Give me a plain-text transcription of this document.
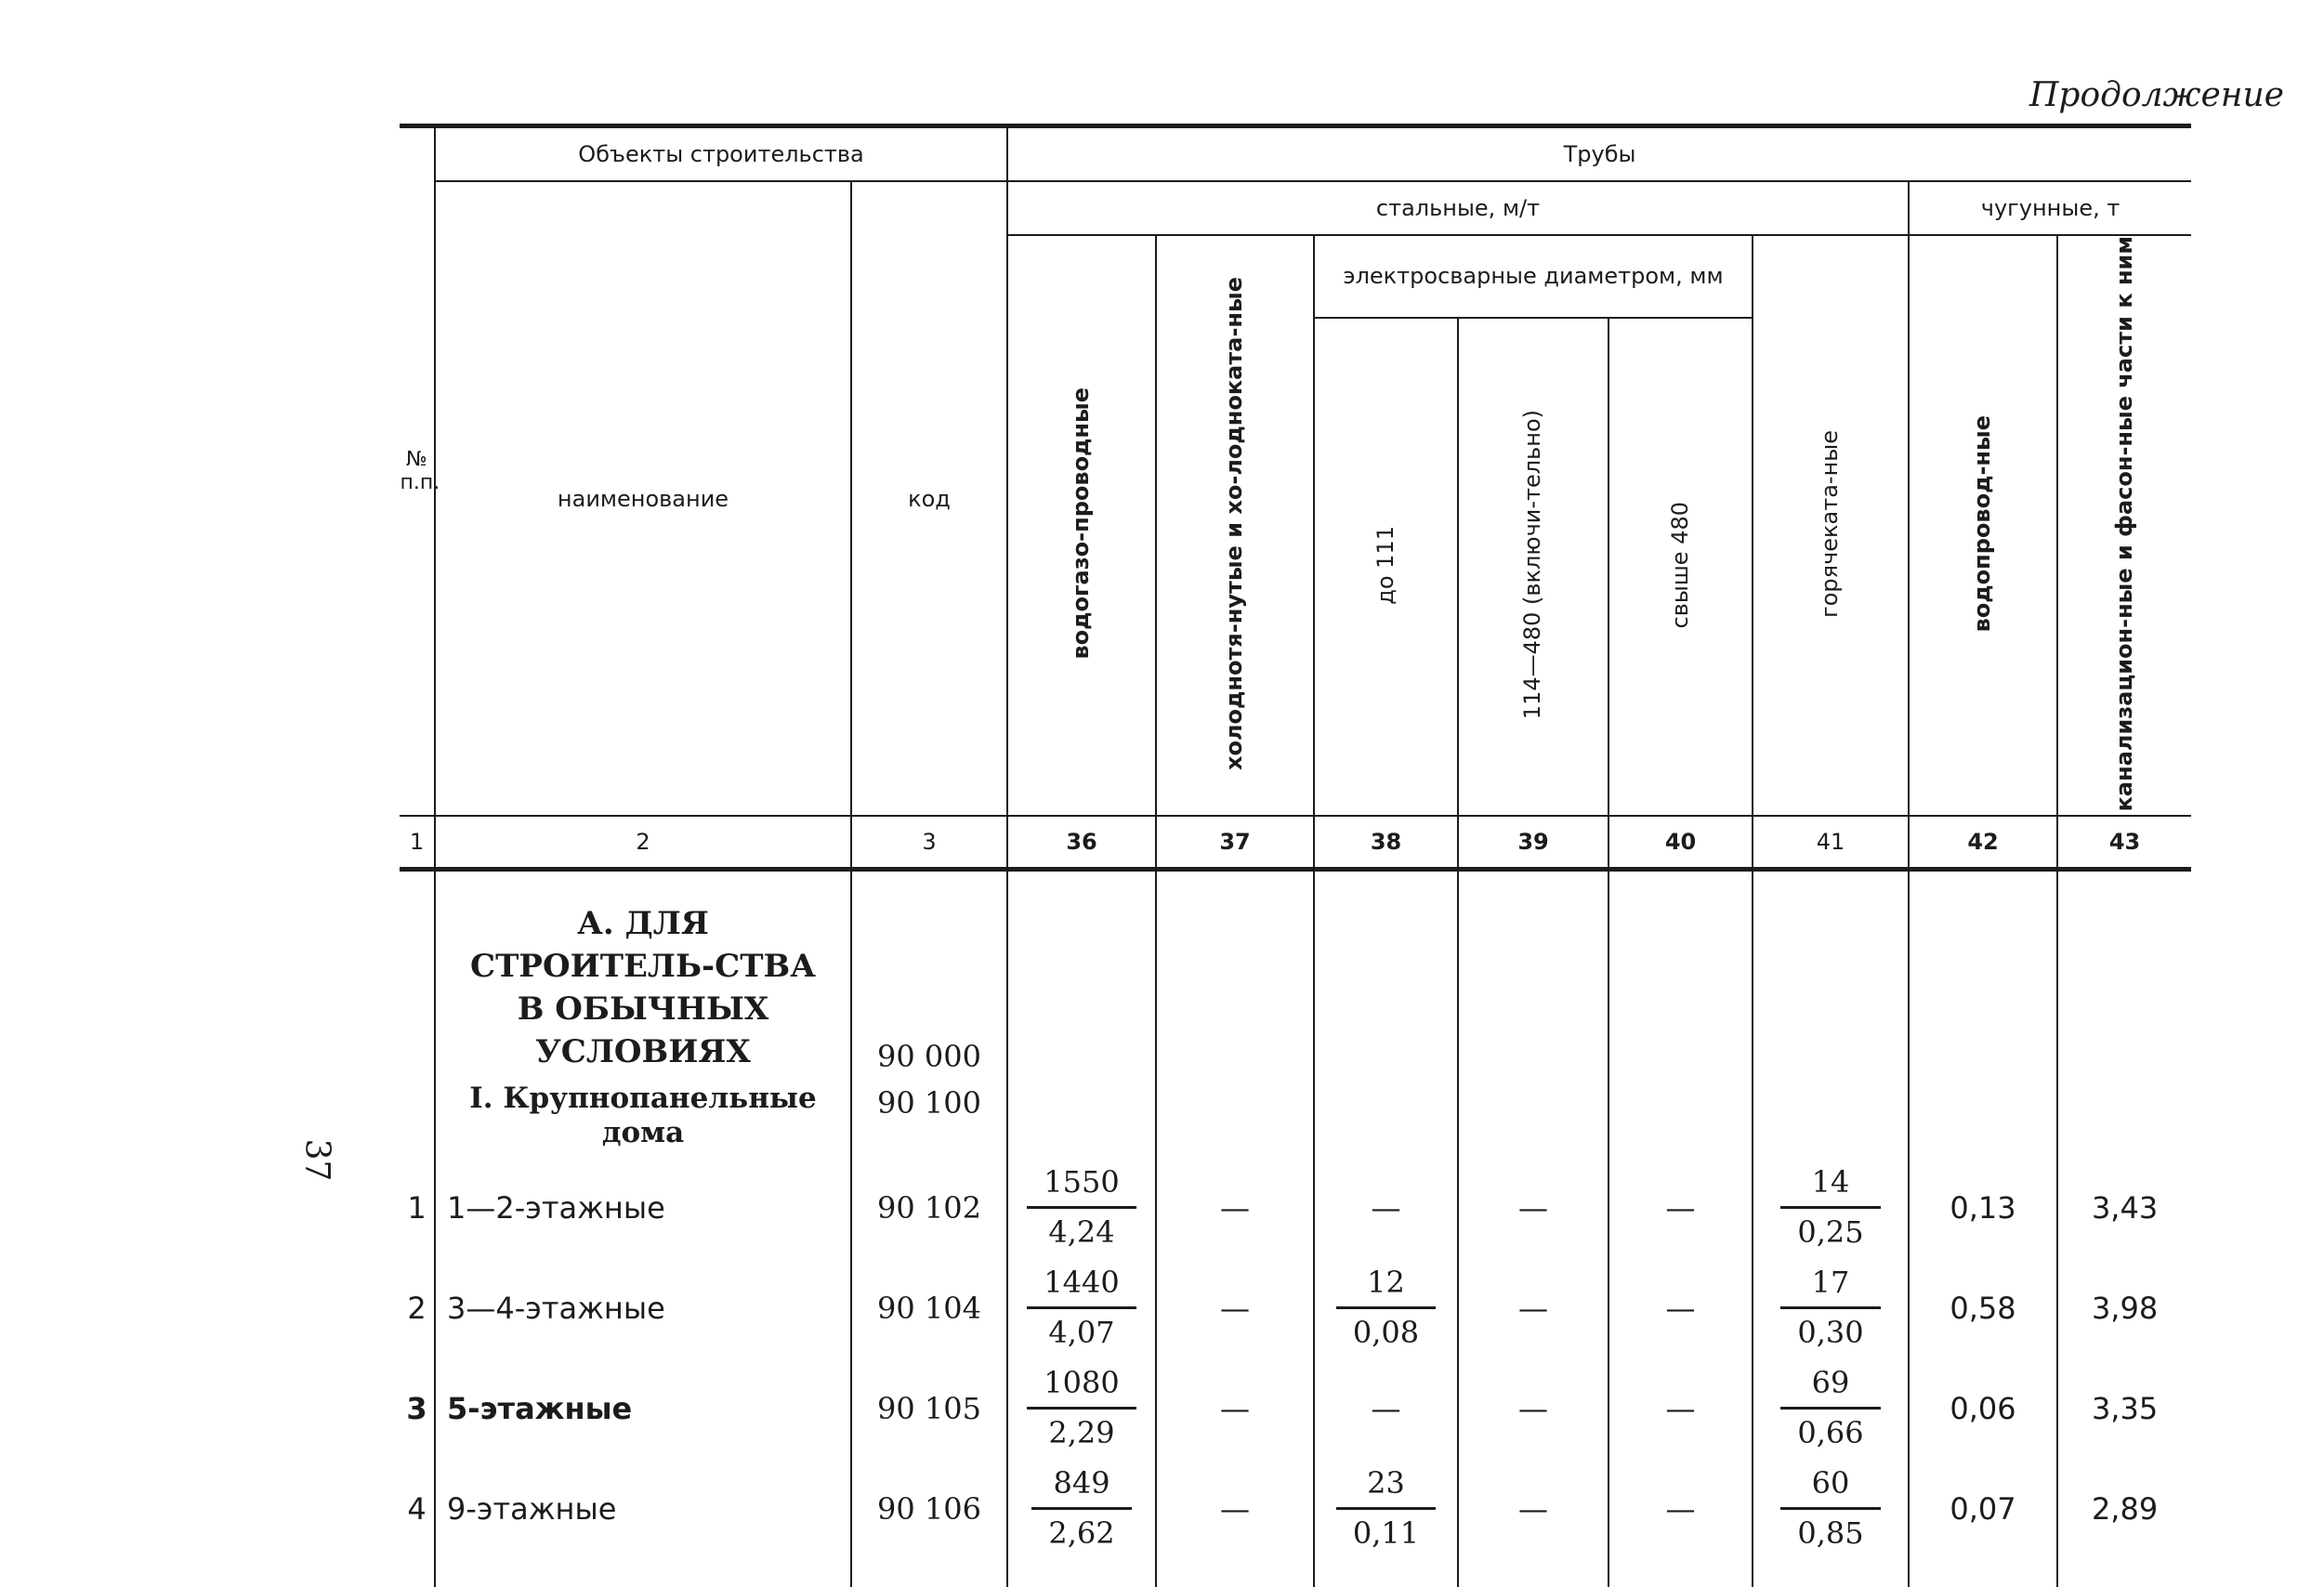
Продолжение
37
№ п.п.	Объекты строительства		Трубы							
	наименование	код	стальные, м/т						чугунные, т	
			водогазо-проводные	холоднотя-нутые и хо-лоднокатa-ные	электросварные диаметром, мм			горячеката-ные	водопровод-ные	канализацион-ные и фасон-ные части к ним
					до 111	114—480 (включи-тельно)	свыше 480			
1	2	3	36	37	38	39	40	41	42	43

	А. ДЛЯ СТРОИТЕЛЬ-СТВА В ОБЫЧНЫХ УСЛОВИЯХ	90 000								

	I. Крупнопанельные дома	90 100								
1	1—2-этажные	90 102	$\frac{1550}{4,24}$	—	—	—	—	$\frac{14}{0,25}$	0,13	3,43
2	3—4-этажные	90 104	$\frac{1440}{4,07}$	—	$\frac{12}{0,08}$	—	—	$\frac{17}{0,30}$	0,58	3,98
3	5-этажные	90 105	$\frac{1080}{2,29}$	—	—	—	—	$\frac{69}{0,66}$	0,06	3,35
4	9-этажные	90 106	$\frac{849}{2,62}$	—	$\frac{23}{0,11}$	—	—	$\frac{60}{0,85}$	0,07	2,89
